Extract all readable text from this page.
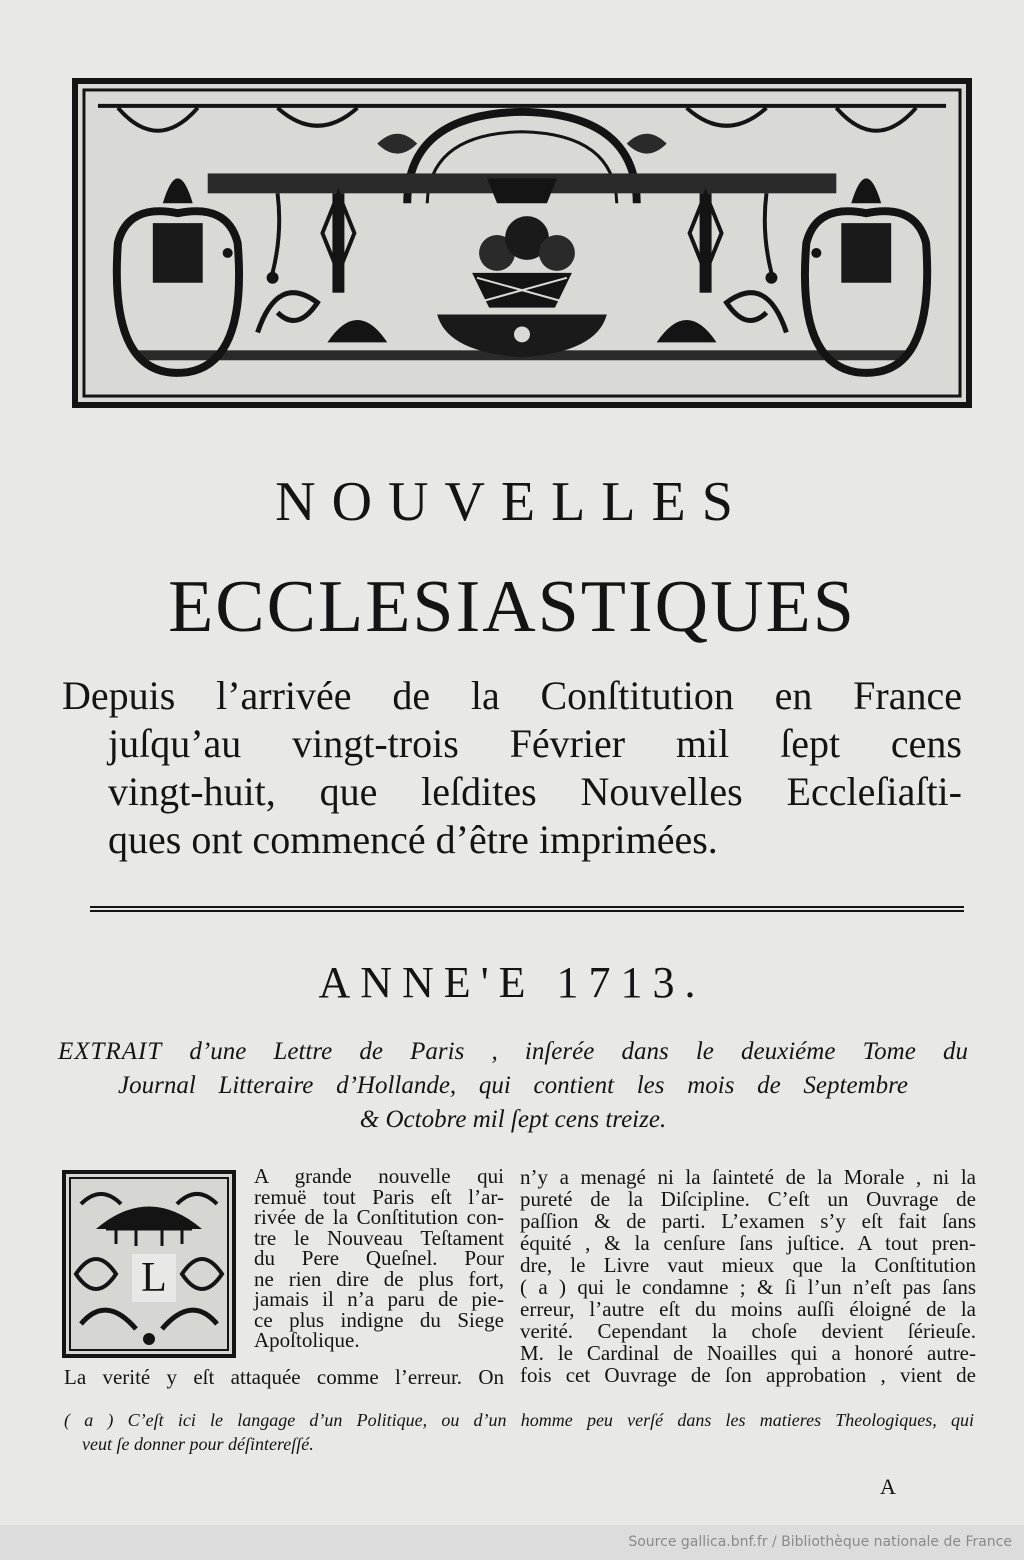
NOUVELLES
ECCLESIASTIQUES
Depuis l’arrivée de la Conſtitution en France
juſqu’au vingt-trois Février mil ſept cens
vingt-huit, que leſdites Nouvelles Eccleſiaſti-
ques ont commencé d’être imprimées.
ANNE'E 1713.
EXTRAIT d’une Lettre de Paris , inſerée dans le deuxiéme Tome du
Journal Litteraire d’Hollande, qui contient les mois de Septembre
& Octobre mil ſept cens treize.
L
A grande nouvelle qui
remuë tout Paris eſt l’ar-
rivée de la Conſtitution con-
tre le Nouveau Teſtament
du Pere Queſnel. Pour
ne rien dire de plus fort,
jamais il n’a paru de pie-
ce plus indigne du Siege
Apoſtolique.
La verité y eſt attaquée comme l’erreur. On
n’y a menagé ni la ſainteté de la Morale , ni la
pureté de la Diſcipline. C’eſt un Ouvrage de
paſſion & de parti. L’examen s’y eſt fait ſans
équité , & la cenſure ſans juſtice. A tout pren-
dre, le Livre vaut mieux que la Conſtitution
( a ) qui le condamne ; & ſi l’un n’eſt pas ſans
erreur, l’autre eſt du moins auſſi éloigné de la
verité. Cependant la choſe devient ſérieuſe.
M. le Cardinal de Noailles qui a honoré autre-
fois cet Ouvrage de ſon approbation , vient de
( a ) C’eſt ici le langage d’un Politique, ou d’un homme peu verſé dans les matieres Theologiques, qui
veut ſe donner pour déſintereſſé.
A
Source gallica.bnf.fr / Bibliothèque nationale de France
